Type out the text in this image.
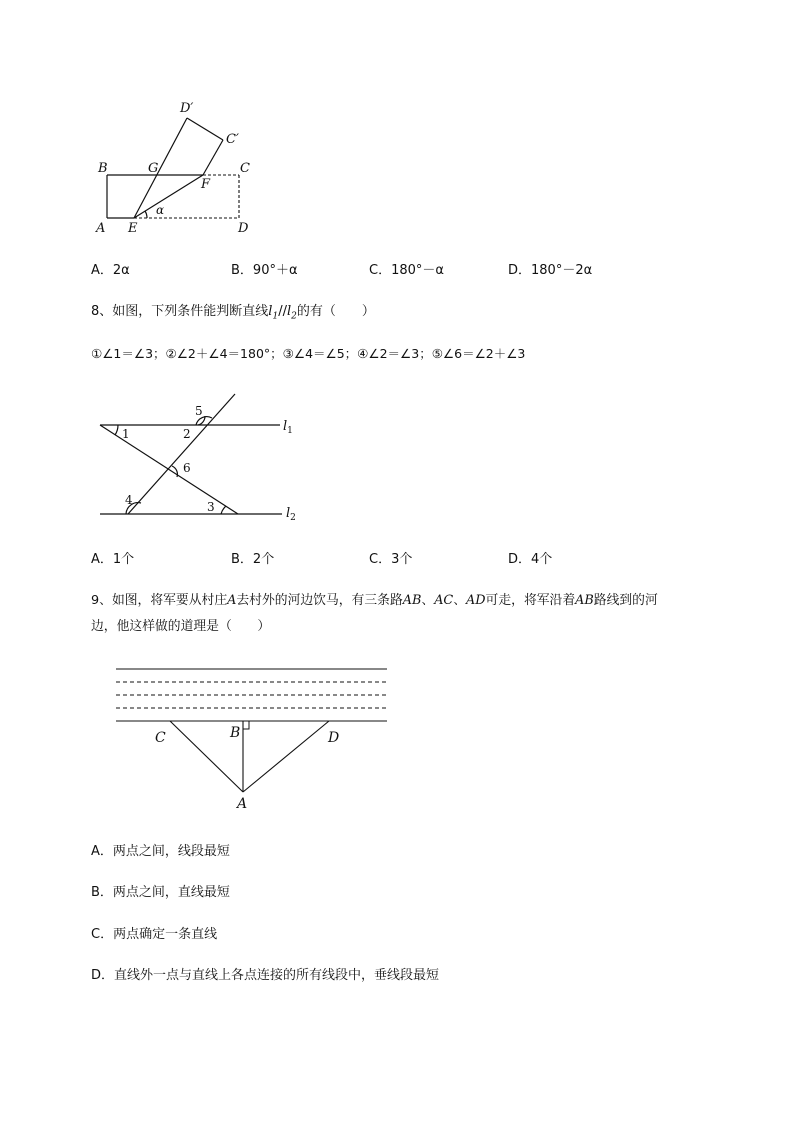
D′
C′
B	G	C
F
A E	D
α
A．2α	B．90°＋α	C．180°－α	D．180°－2α
8、如图，下列条件能判断直线$l_1//l_2$的有（　　）
①∠1＝∠3；②∠2＋∠4＝180°；③∠4＝∠5；④∠2＝∠3；⑤∠6＝∠2＋∠3
1	2
5
6
4	3
$l_1$
$l_2$
A．1个	B．2个	C．3个	D．4个
9、如图，将军要从村庄A去村外的河边饮马，有三条路AB、AC、AD可走，将军沿着AB路线到的河
边，他这样做的道理是（　　）
C	B	D
A
A．两点之间，线段最短
B．两点之间，直线最短
C．两点确定一条直线
D．直线外一点与直线上各点连接的所有线段中，垂线段最短
